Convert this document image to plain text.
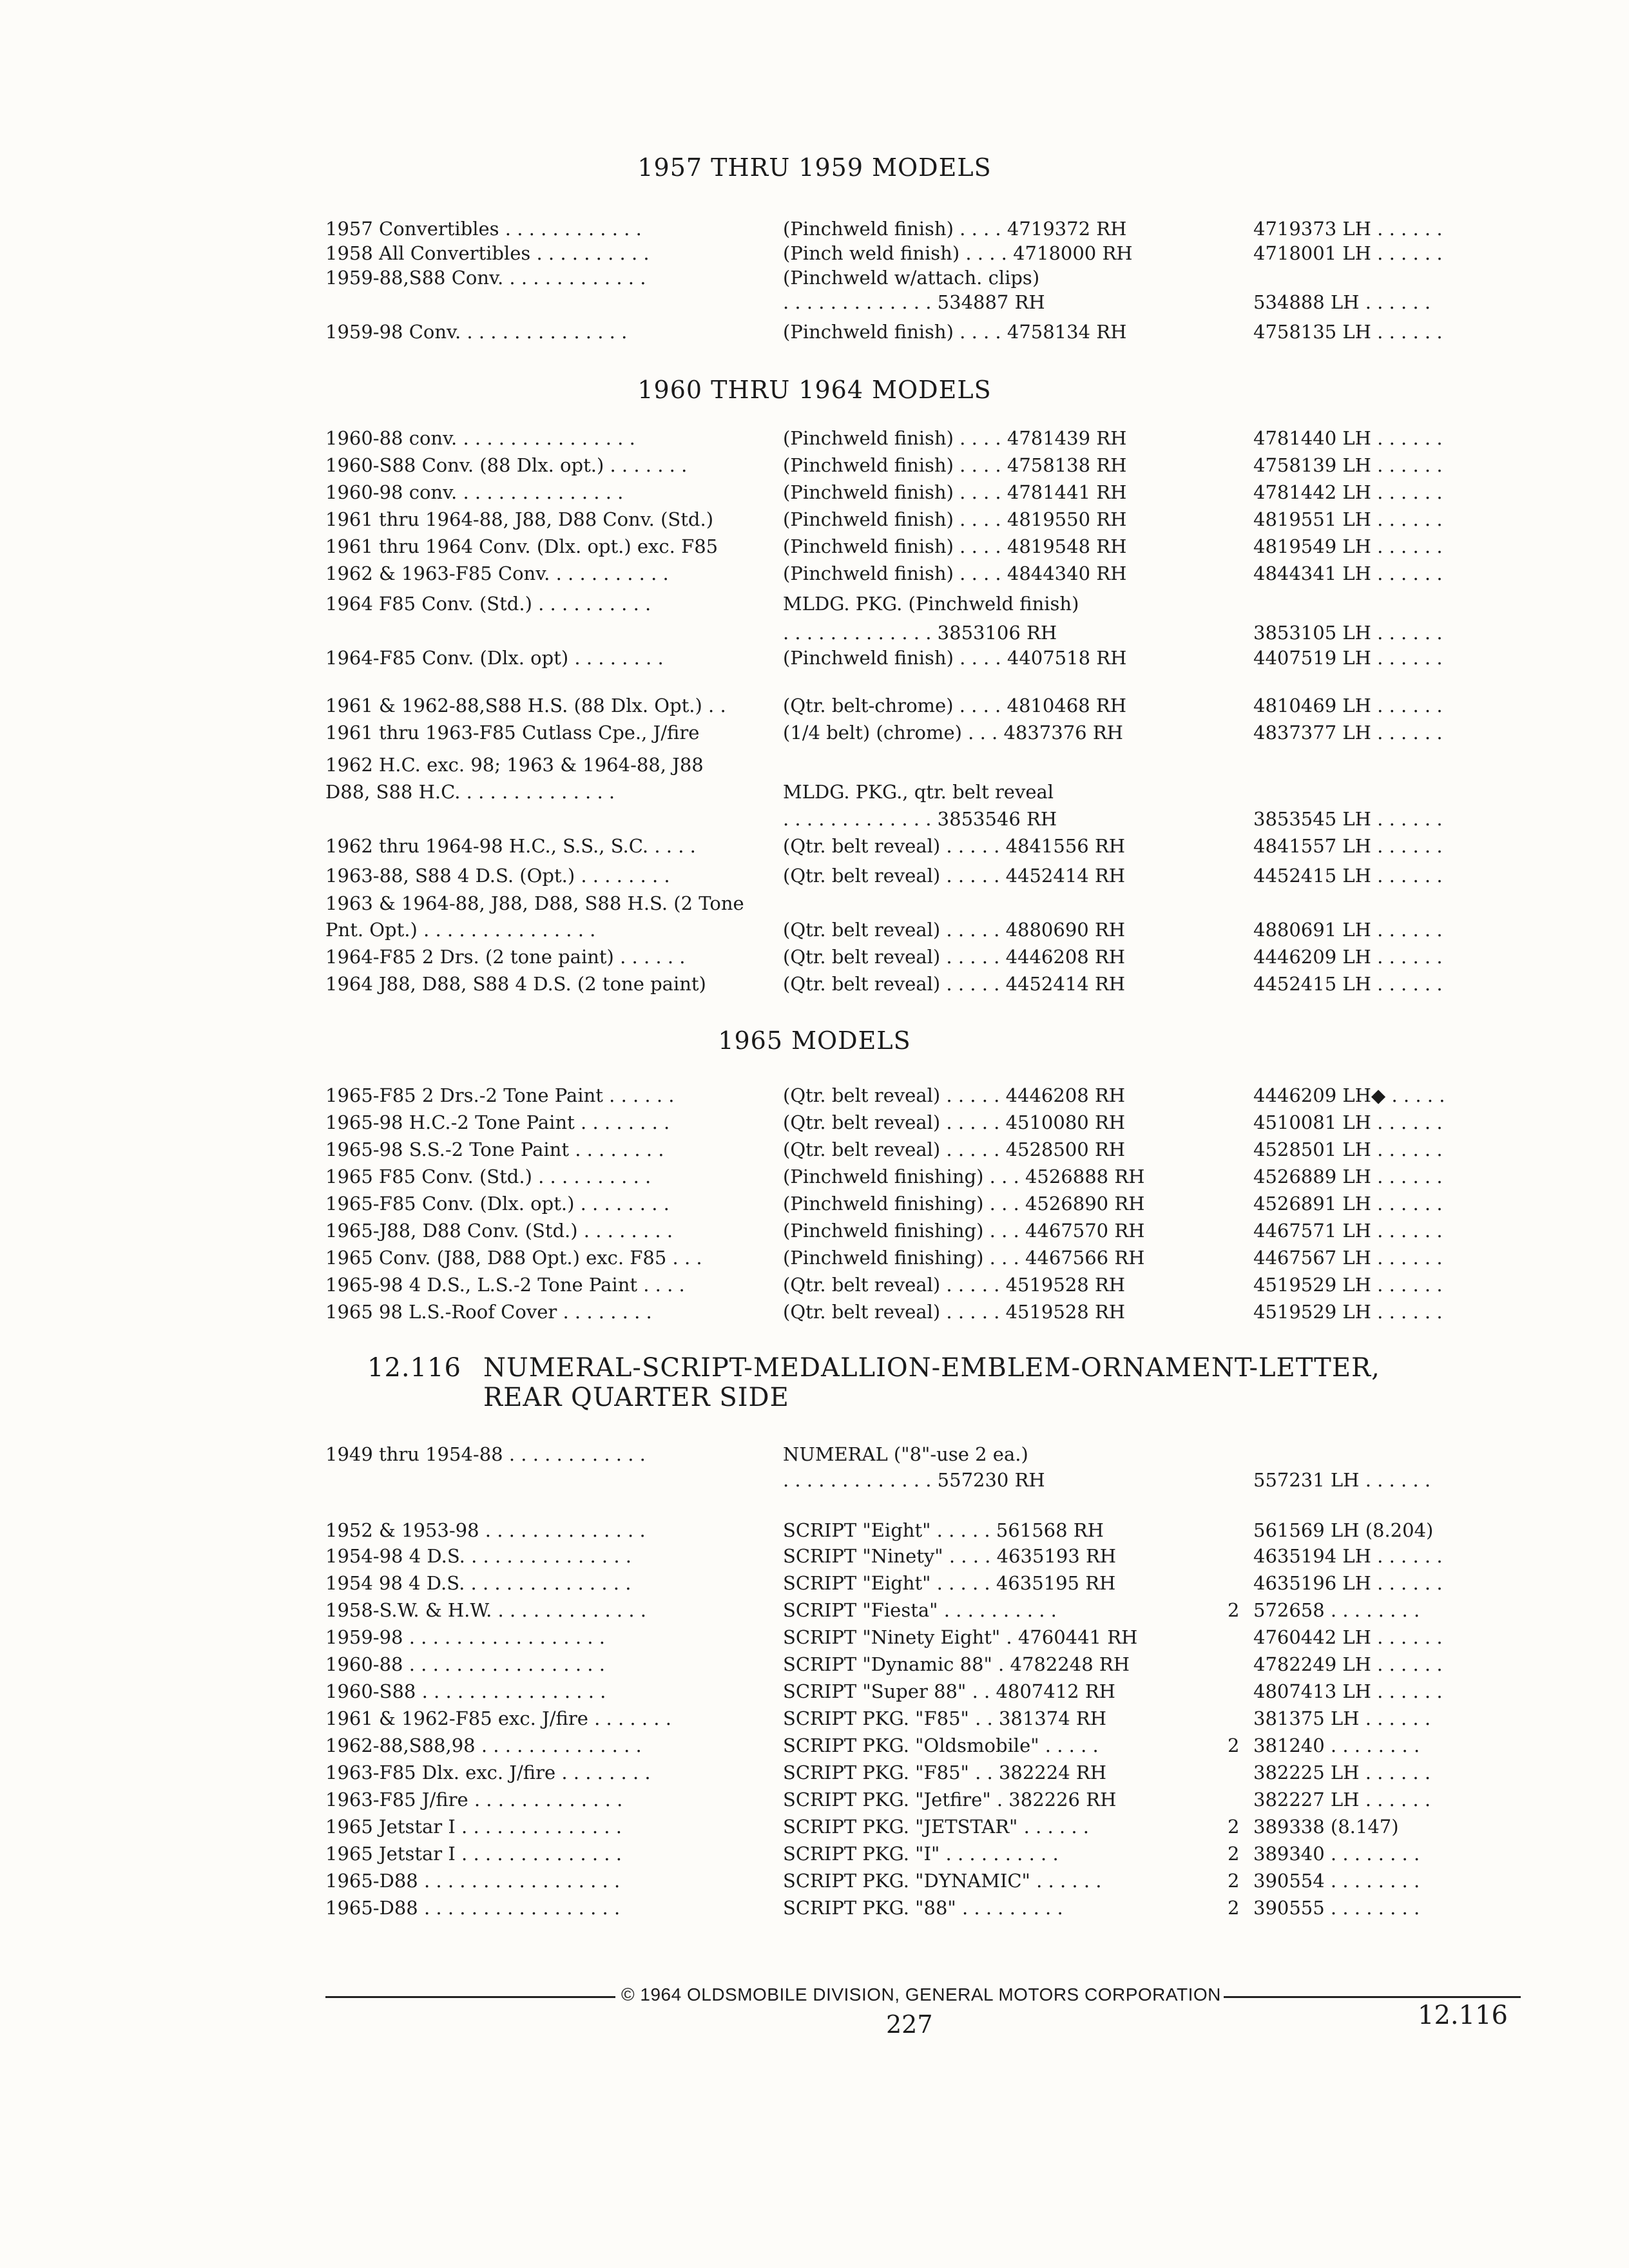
1957 THRU 1959 MODELS
1957 Convertibles . . . . . . . . . . . .	(Pinchweld finish) . . . . 4719372 RH	4719373 LH . . . . . .
1958 All Convertibles . . . . . . . . . .	(Pinch weld finish) . . . . 4718000 RH	4718001 LH . . . . . .
1959-88,S88 Conv. . . . . . . . . . . . .	(Pinchweld w/attach. clips)
. . . . . . . . . . . . . 534887 RH	534888 LH . . . . . .
1959-98 Conv. . . . . . . . . . . . . . .	(Pinchweld finish) . . . . 4758134 RH	4758135 LH . . . . . .
1960 THRU 1964 MODELS
1960-88 conv. . . . . . . . . . . . . . . .	(Pinchweld finish) . . . . 4781439 RH	4781440 LH . . . . . .
1960-S88 Conv. (88 Dlx. opt.) . . . . . . .	(Pinchweld finish) . . . . 4758138 RH	4758139 LH . . . . . .
1960-98 conv. . . . . . . . . . . . . . .	(Pinchweld finish) . . . . 4781441 RH	4781442 LH . . . . . .
1961 thru 1964-88, J88, D88 Conv. (Std.)	(Pinchweld finish) . . . . 4819550 RH	4819551 LH . . . . . .
1961 thru 1964 Conv. (Dlx. opt.) exc. F85	(Pinchweld finish) . . . . 4819548 RH	4819549 LH . . . . . .
1962 & 1963-F85 Conv. . . . . . . . . . .	(Pinchweld finish) . . . . 4844340 RH	4844341 LH . . . . . .
1964 F85 Conv. (Std.) . . . . . . . . . .	MLDG. PKG. (Pinchweld finish)
. . . . . . . . . . . . . 3853106 RH	3853105 LH . . . . . .
1964-F85 Conv. (Dlx. opt) . . . . . . . .	(Pinchweld finish) . . . . 4407518 RH	4407519 LH . . . . . .
1961 & 1962-88,S88 H.S. (88 Dlx. Opt.) . .	(Qtr. belt-chrome) . . . . 4810468 RH	4810469 LH . . . . . .
1961 thru 1963-F85 Cutlass Cpe., J/fire	(1/4 belt) (chrome) . . . 4837376 RH	4837377 LH . . . . . .
1962 H.C. exc. 98; 1963 & 1964-88, J88
D88, S88 H.C. . . . . . . . . . . . . .	MLDG. PKG., qtr. belt reveal
. . . . . . . . . . . . . 3853546 RH	3853545 LH . . . . . .
1962 thru 1964-98 H.C., S.S., S.C. . . . .	(Qtr. belt reveal) . . . . . 4841556 RH	4841557 LH . . . . . .
1963-88, S88 4 D.S. (Opt.) . . . . . . . .	(Qtr. belt reveal) . . . . . 4452414 RH	4452415 LH . . . . . .
1963 & 1964-88, J88, D88, S88 H.S. (2 Tone
Pnt. Opt.) . . . . . . . . . . . . . . .	(Qtr. belt reveal) . . . . . 4880690 RH	4880691 LH . . . . . .
1964-F85 2 Drs. (2 tone paint) . . . . . .	(Qtr. belt reveal) . . . . . 4446208 RH	4446209 LH . . . . . .
1964 J88, D88, S88 4 D.S. (2 tone paint)	(Qtr. belt reveal) . . . . . 4452414 RH	4452415 LH . . . . . .
1965 MODELS
1965-F85 2 Drs.-2 Tone Paint . . . . . .	(Qtr. belt reveal) . . . . . 4446208 RH	4446209 LH◆ . . . . .
1965-98 H.C.-2 Tone Paint . . . . . . . .	(Qtr. belt reveal) . . . . . 4510080 RH	4510081 LH . . . . . .
1965-98 S.S.-2 Tone Paint . . . . . . . .	(Qtr. belt reveal) . . . . . 4528500 RH	4528501 LH . . . . . .
1965 F85 Conv. (Std.) . . . . . . . . . .	(Pinchweld finishing) . . . 4526888 RH	4526889 LH . . . . . .
1965-F85 Conv. (Dlx. opt.) . . . . . . . .	(Pinchweld finishing) . . . 4526890 RH	4526891 LH . . . . . .
1965-J88, D88 Conv. (Std.) . . . . . . . .	(Pinchweld finishing) . . . 4467570 RH	4467571 LH . . . . . .
1965 Conv. (J88, D88 Opt.) exc. F85 . . .	(Pinchweld finishing) . . . 4467566 RH	4467567 LH . . . . . .
1965-98 4 D.S., L.S.-2 Tone Paint . . . .	(Qtr. belt reveal) . . . . . 4519528 RH	4519529 LH . . . . . .
1965 98 L.S.-Roof Cover . . . . . . . .	(Qtr. belt reveal) . . . . . 4519528 RH	4519529 LH . . . . . .
12.116 NUMERAL-SCRIPT-MEDALLION-EMBLEM-ORNAMENT-LETTER,
REAR QUARTER SIDE
1949 thru 1954-88 . . . . . . . . . . . .	NUMERAL ("8"-use 2 ea.)
. . . . . . . . . . . . . 557230 RH	557231 LH . . . . . .
1952 & 1953-98 . . . . . . . . . . . . . .	SCRIPT "Eight" . . . . . 561568 RH	561569 LH (8.204)
1954-98 4 D.S. . . . . . . . . . . . . . .	SCRIPT "Ninety" . . . . 4635193 RH	4635194 LH . . . . . .
1954 98 4 D.S. . . . . . . . . . . . . . .	SCRIPT "Eight" . . . . . 4635195 RH	4635196 LH . . . . . .
1958-S.W. & H.W. . . . . . . . . . . . . .	SCRIPT "Fiesta" . . . . . . . . . .	2 572658 . . . . . . . .
1959-98 . . . . . . . . . . . . . . . . .	SCRIPT "Ninety Eight" . 4760441 RH	4760442 LH . . . . . .
1960-88 . . . . . . . . . . . . . . . . .	SCRIPT "Dynamic 88" . 4782248 RH	4782249 LH . . . . . .
1960-S88 . . . . . . . . . . . . . . . .	SCRIPT "Super 88" . . 4807412 RH	4807413 LH . . . . . .
1961 & 1962-F85 exc. J/fire . . . . . . .	SCRIPT PKG. "F85" . . 381374 RH	381375 LH . . . . . .
1962-88,S88,98 . . . . . . . . . . . . . .	SCRIPT PKG. "Oldsmobile" . . . . .	2 381240 . . . . . . . .
1963-F85 Dlx. exc. J/fire . . . . . . . .	SCRIPT PKG. "F85" . . 382224 RH	382225 LH . . . . . .
1963-F85 J/fire . . . . . . . . . . . . .	SCRIPT PKG. "Jetfire" . 382226 RH	382227 LH . . . . . .
1965 Jetstar I . . . . . . . . . . . . . .	SCRIPT PKG. "JETSTAR" . . . . . .	2 389338 (8.147)
1965 Jetstar I . . . . . . . . . . . . . .	SCRIPT PKG. "I" . . . . . . . . . .	2 389340 . . . . . . . .
1965-D88 . . . . . . . . . . . . . . . . .	SCRIPT PKG. "DYNAMIC" . . . . . .	2 390554 . . . . . . . .
1965-D88 . . . . . . . . . . . . . . . . .	SCRIPT PKG. "88" . . . . . . . . .	2 390555 . . . . . . . .
© 1964 OLDSMOBILE DIVISION, GENERAL MOTORS CORPORATION
227	12.116
